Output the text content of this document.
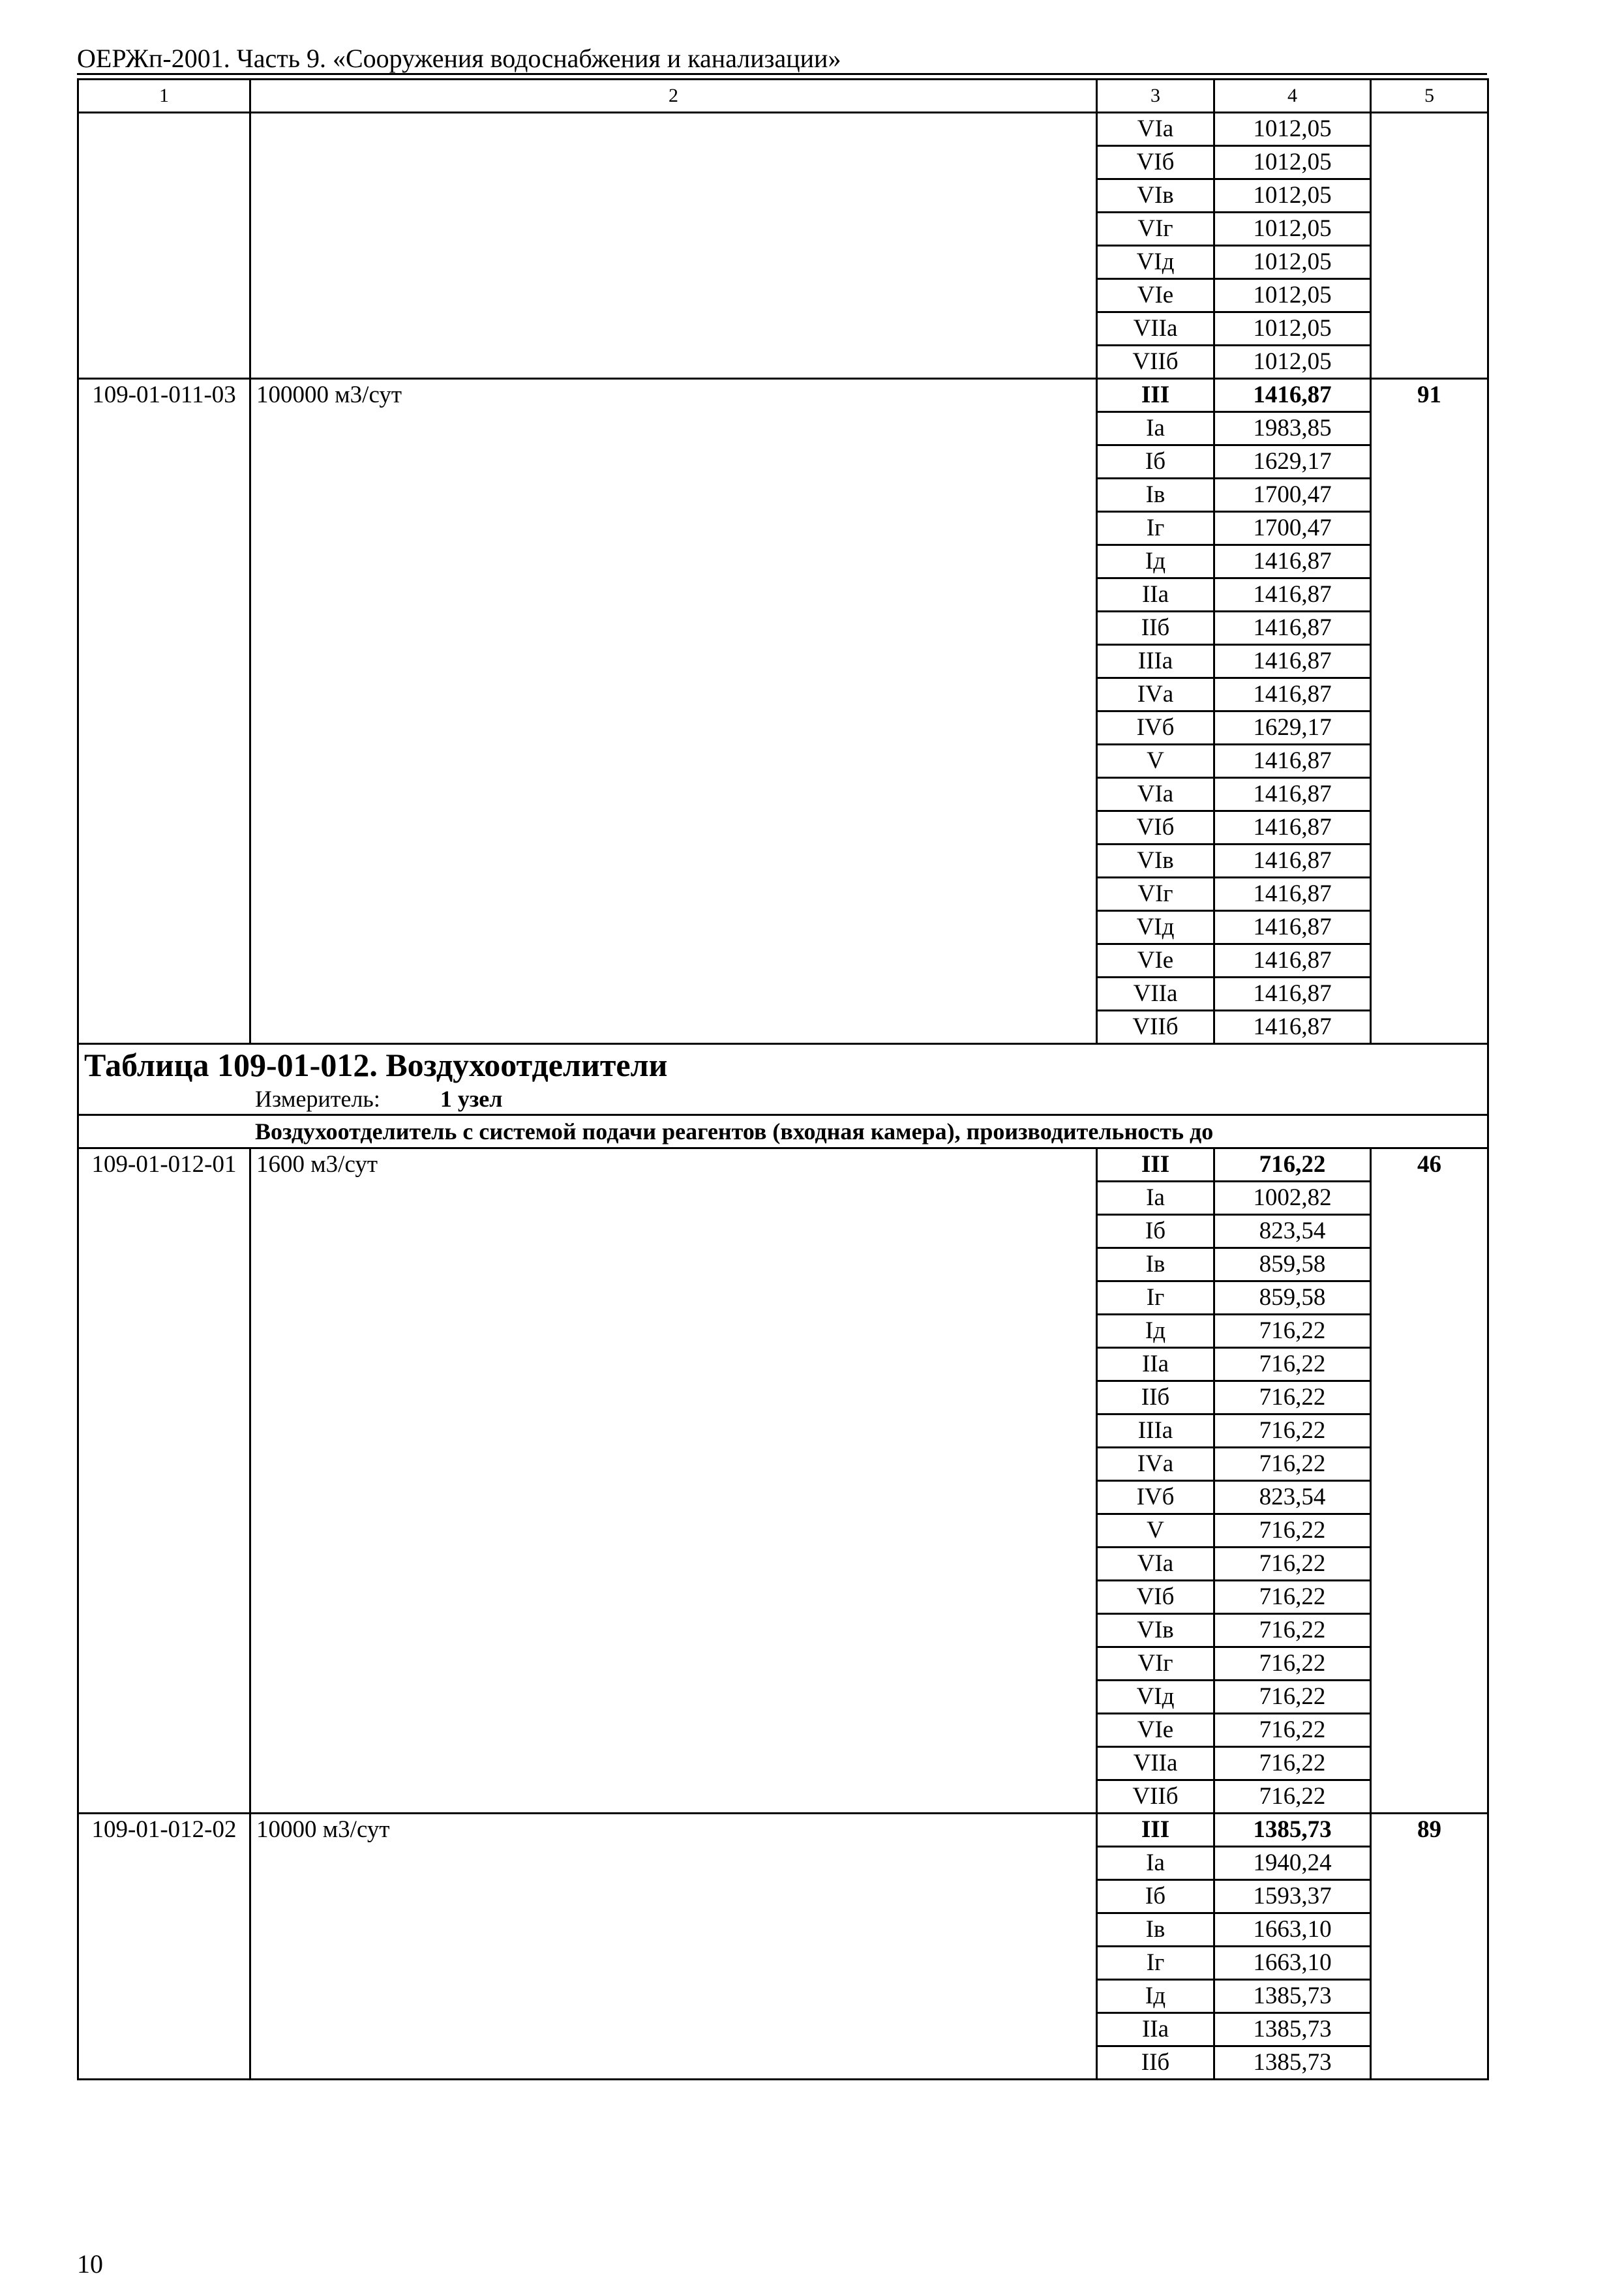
ОЕРЖп-2001. Часть 9. «Сооружения водоснабжения и канализации»
1	2	3	4	5
		VIа	1012,05	
		VIб	1012,05	
		VIв	1012,05	
		VIг	1012,05	
		VIд	1012,05	
		VIе	1012,05	
		VIIа	1012,05	
		VIIб	1012,05	
109-01-011-03	100000 м3/сут	III	1416,87	91
		Iа	1983,85	
		Iб	1629,17	
		Iв	1700,47	
		Iг	1700,47	
		Iд	1416,87	
		IIа	1416,87	
		IIб	1416,87	
		IIIа	1416,87	
		IVа	1416,87	
		IVб	1629,17	
		V	1416,87	
		VIа	1416,87	
		VIб	1416,87	
		VIв	1416,87	
		VIг	1416,87	
		VIд	1416,87	
		VIе	1416,87	
		VIIа	1416,87	
		VIIб	1416,87	

Таблица 109-01-012. Воздухоотделители
Измеритель: 1 узел				

Воздухоотделитель с системой подачи реагентов (входная камера), производительность до				
109-01-012-01	1600 м3/сут	III	716,22	46
		Iа	1002,82	
		Iб	823,54	
		Iв	859,58	
		Iг	859,58	
		Iд	716,22	
		IIа	716,22	
		IIб	716,22	
		IIIа	716,22	
		IVа	716,22	
		IVб	823,54	
		V	716,22	
		VIа	716,22	
		VIб	716,22	
		VIв	716,22	
		VIг	716,22	
		VIд	716,22	
		VIе	716,22	
		VIIа	716,22	
		VIIб	716,22	
109-01-012-02	10000 м3/сут	III	1385,73	89
		Iа	1940,24	
		Iб	1593,37	
		Iв	1663,10	
		Iг	1663,10	
		Iд	1385,73	
		IIа	1385,73	
		IIб	1385,73	
10
